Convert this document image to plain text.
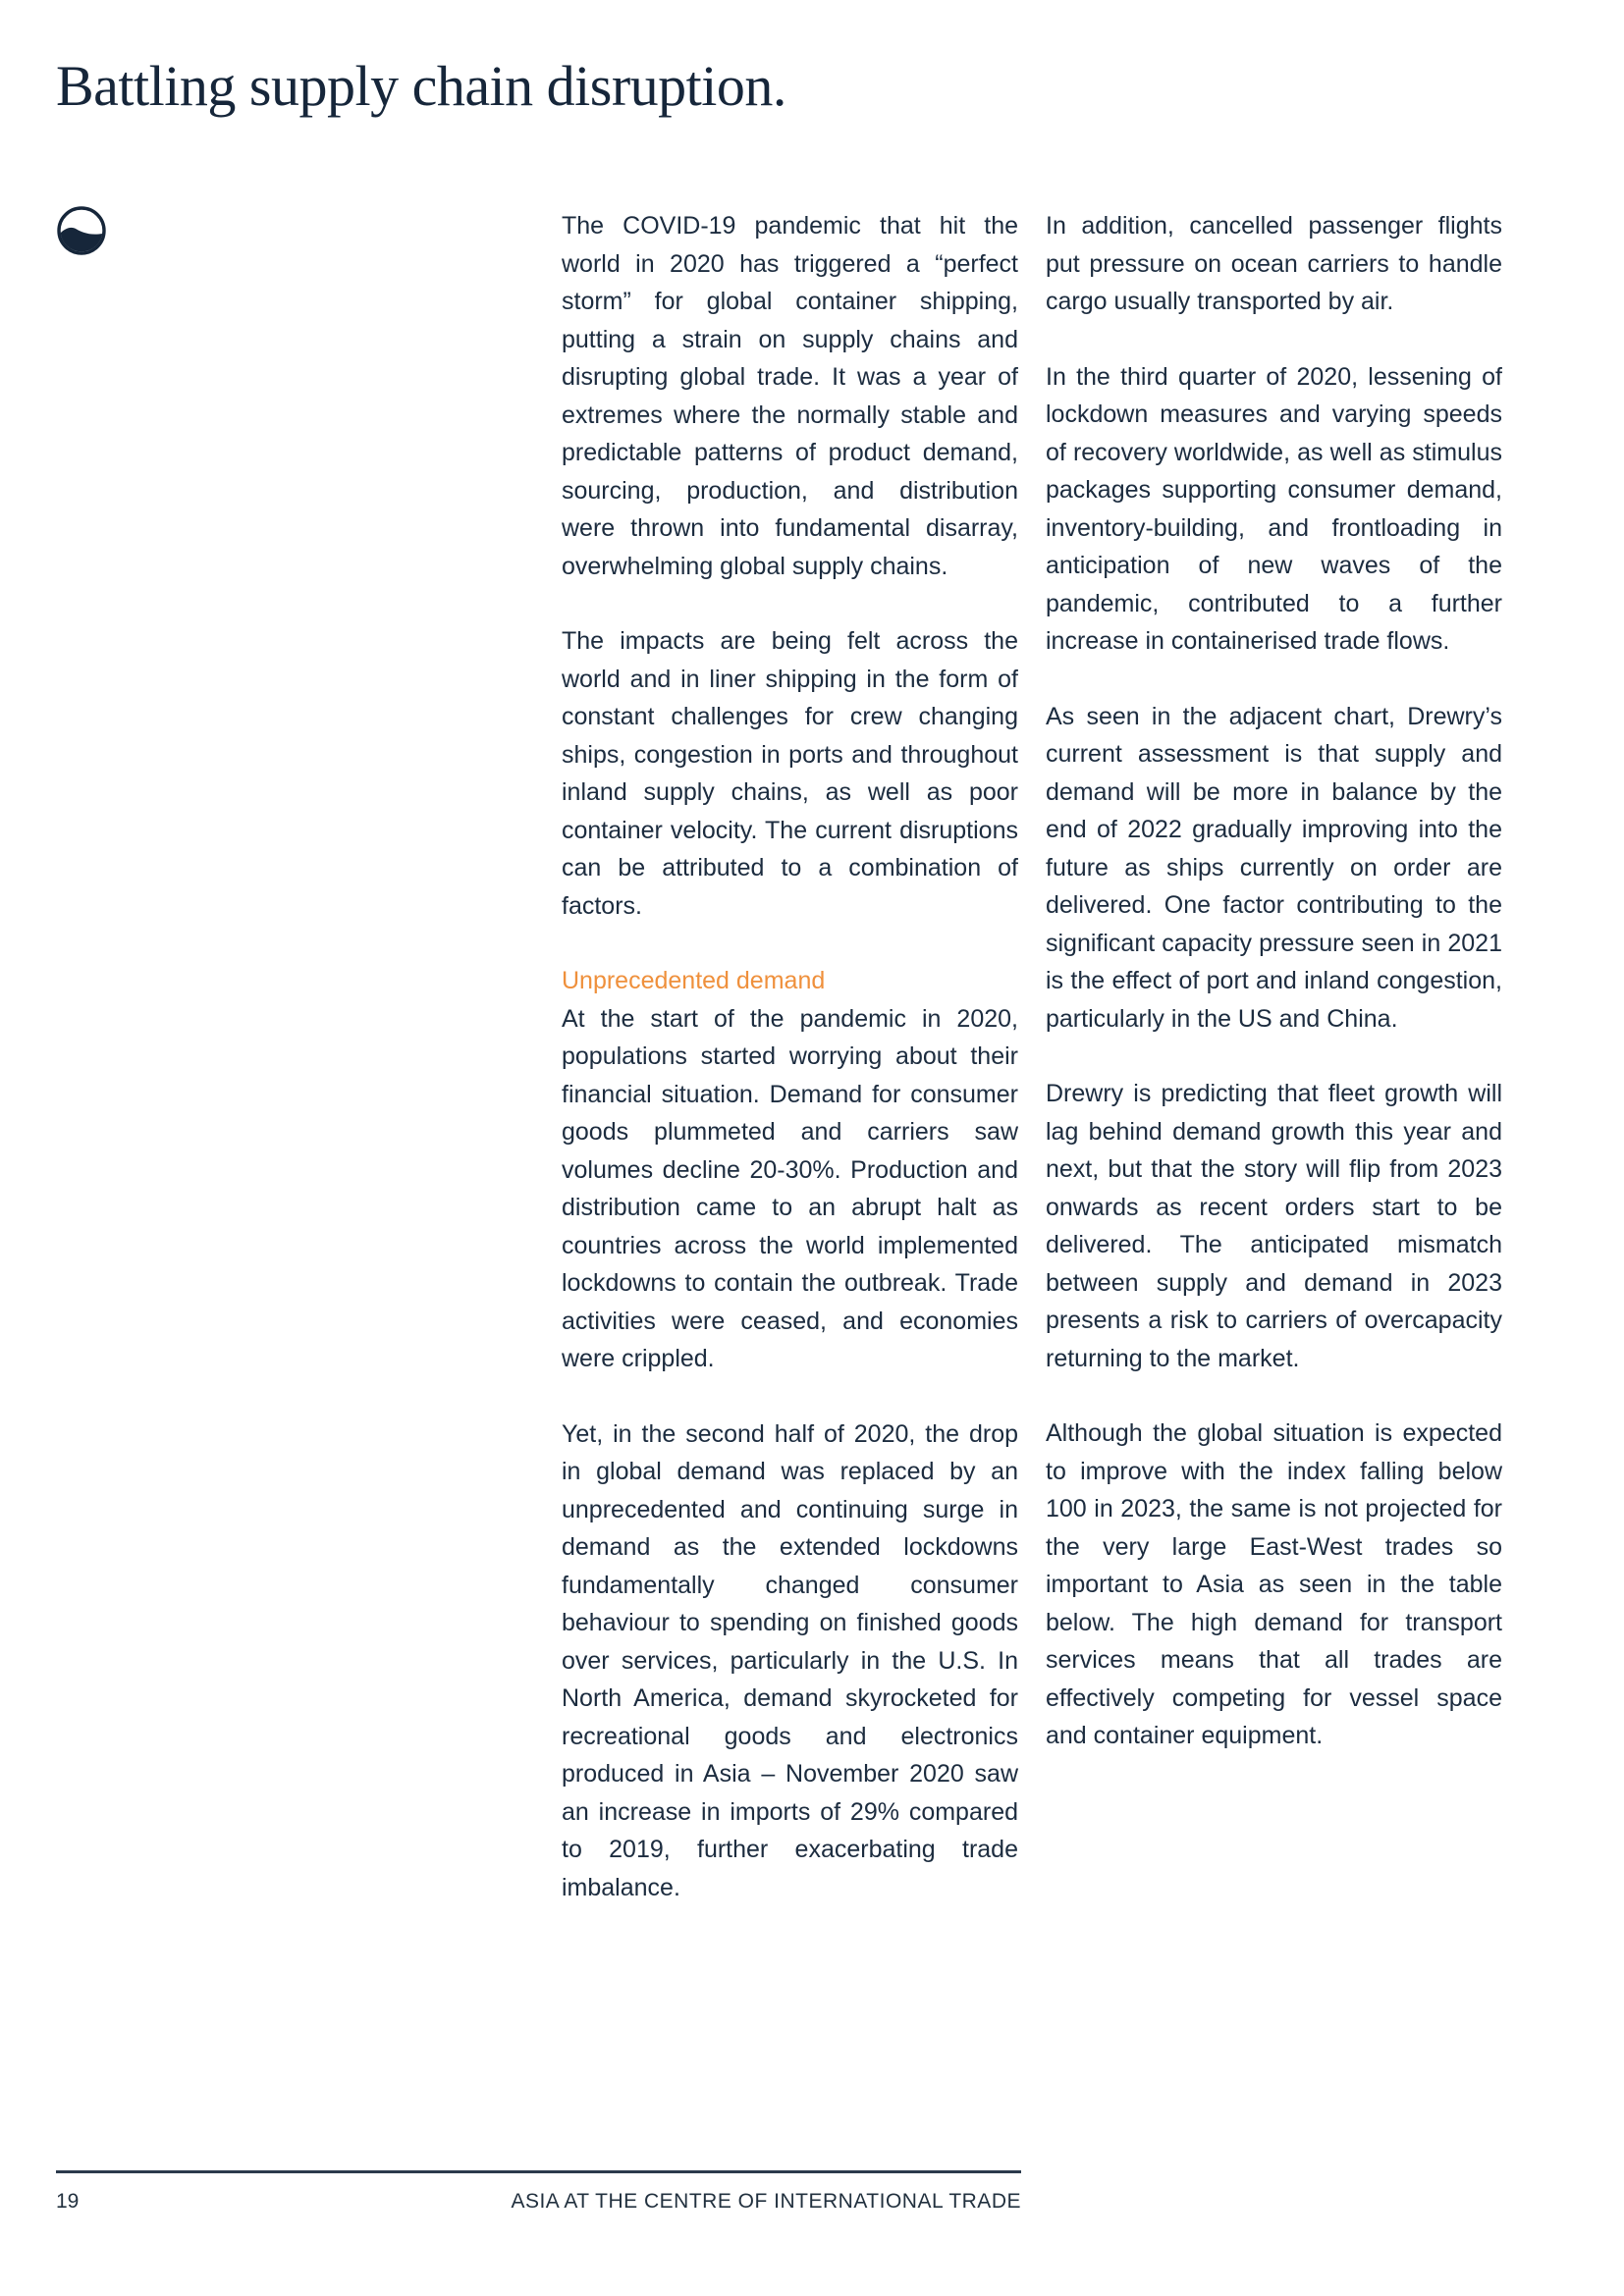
Battling supply chain disruption.

The COVID-19 pandemic that hit the world in 2020 has triggered a “perfect storm” for global container shipping, putting a strain on supply chains and disrupting global trade. It was a year of extremes where the normally stable and predictable patterns of product demand, sourcing, production, and distribution were thrown into fundamental disarray, overwhelming global supply chains.

The impacts are being felt across the world and in liner shipping in the form of constant challenges for crew changing ships, congestion in ports and throughout inland supply chains, as well as poor container velocity. The current disruptions can be attributed to a combination of factors.

Unprecedented demand

At the start of the pandemic in 2020, populations started worrying about their financial situation. Demand for consumer goods plummeted and carriers saw volumes decline 20-30%. Production and distribution came to an abrupt halt as countries across the world implemented lockdowns to contain the outbreak. Trade activities were ceased, and economies were crippled.

Yet, in the second half of 2020, the drop in global demand was replaced by an unprecedented and continuing surge in demand as the extended lockdowns fundamentally changed consumer behaviour to spending on finished goods over services, particularly in the U.S. In North America, demand skyrocketed for recreational goods and electronics produced in Asia – November 2020 saw an increase in imports of 29% compared to 2019, further exacerbating trade imbalance.

In addition, cancelled passenger flights put pressure on ocean carriers to handle cargo usually transported by air.

In the third quarter of 2020, lessening of lockdown measures and varying speeds of recovery worldwide, as well as stimulus packages supporting consumer demand, inventory-building, and frontloading in anticipation of new waves of the pandemic, contributed to a further increase in containerised trade flows.

As seen in the adjacent chart, Drewry’s current assessment is that supply and demand will be more in balance by the end of 2022 gradually improving into the future as ships currently on order are delivered. One factor contributing to the significant capacity pressure seen in 2021 is the effect of port and inland congestion, particularly in the US and China.

Drewry is predicting that fleet growth will lag behind demand growth this year and next, but that the story will flip from 2023 onwards as recent orders start to be delivered. The anticipated mismatch between supply and demand in 2023 presents a risk to carriers of overcapacity returning to the market.

Although the global situation is expected to improve with the index falling below 100 in 2023, the same is not projected for the very large East-West trades so important to Asia as seen in the table below. The high demand for transport services means that all trades are effectively competing for vessel space and container equipment.

19	ASIA AT THE CENTRE OF INTERNATIONAL TRADE
